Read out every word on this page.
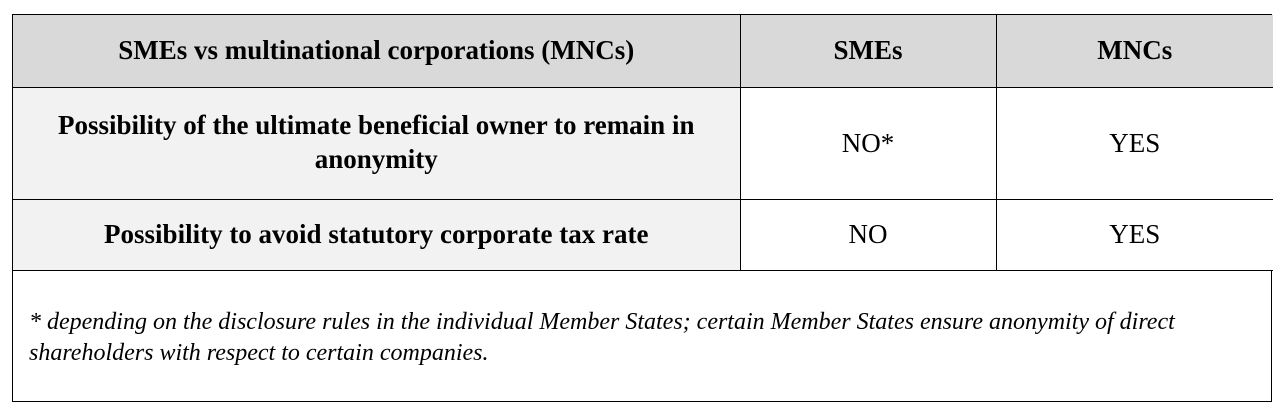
SMEs vs multinational corporations (MNCs)	SMEs	MNCs
Possibility of the ultimate beneficial owner to remain in anonymity	NO*	YES
Possibility to avoid statutory corporate tax rate	NO	YES
* depending on the disclosure rules in the individual Member States; certain Member States ensure anonymity of direct shareholders with respect to certain companies.
